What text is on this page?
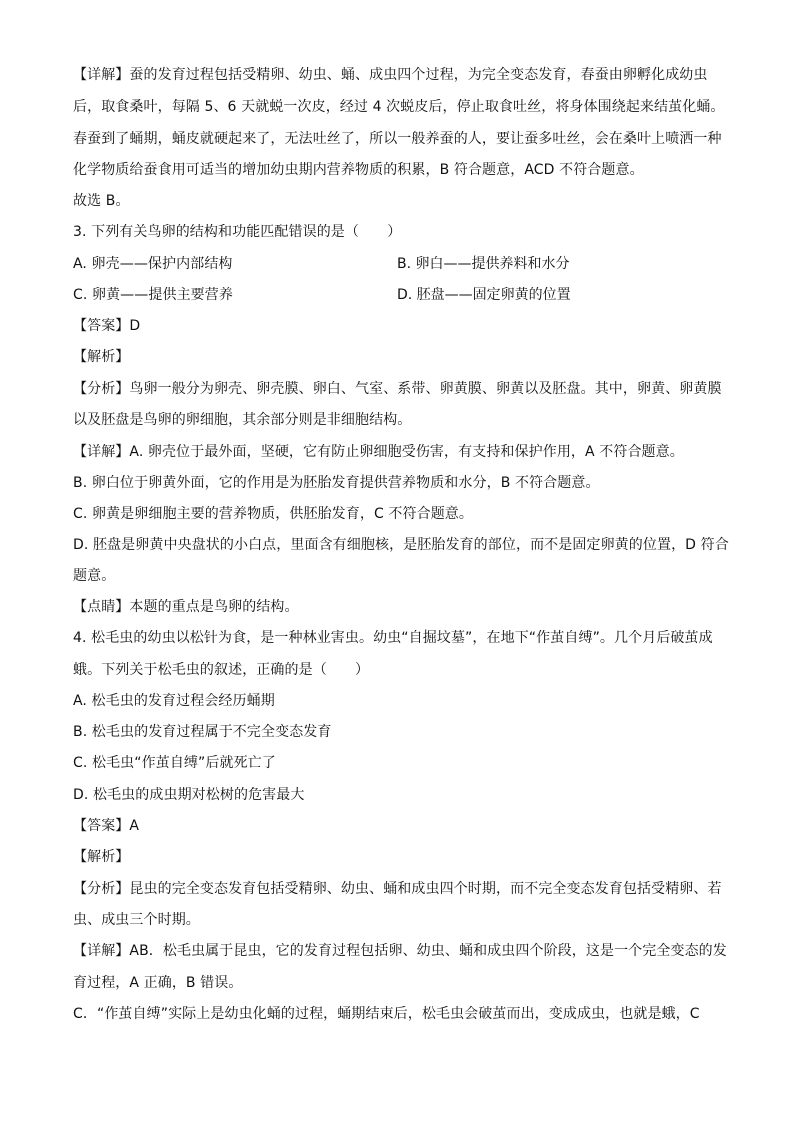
【详解】蚕的发育过程包括受精卵、幼虫、蛹、成虫四个过程，为完全变态发育，春蚕由卵孵化成幼虫
后，取食桑叶，每隔 5、6 天就蜕一次皮，经过 4 次蜕皮后，停止取食吐丝，将身体围绕起来结茧化蛹。
春蚕到了蛹期，蛹皮就硬起来了，无法吐丝了，所以一般养蚕的人，要让蚕多吐丝，会在桑叶上喷洒一种
化学物质给蚕食用可适当的增加幼虫期内营养物质的积累，B 符合题意，ACD 不符合题意。
故选 B。
3. 下列有关鸟卵的结构和功能匹配错误的是（　　）
A. 卵壳——保护内部结构	B. 卵白——提供养料和水分
C. 卵黄——提供主要营养	D. 胚盘——固定卵黄的位置
【答案】D
【解析】
【分析】鸟卵一般分为卵壳、卵壳膜、卵白、气室、系带、卵黄膜、卵黄以及胚盘。其中，卵黄、卵黄膜
以及胚盘是鸟卵的卵细胞，其余部分则是非细胞结构。
【详解】A. 卵壳位于最外面，坚硬，它有防止卵细胞受伤害，有支持和保护作用，A 不符合题意。
B. 卵白位于卵黄外面，它的作用是为胚胎发育提供营养物质和水分，B 不符合题意。
C. 卵黄是卵细胞主要的营养物质，供胚胎发育，C 不符合题意。
D. 胚盘是卵黄中央盘状的小白点，里面含有细胞核，是胚胎发育的部位，而不是固定卵黄的位置，D 符合
题意。
【点睛】本题的重点是鸟卵的结构。
4. 松毛虫的幼虫以松针为食，是一种林业害虫。幼虫“自掘坟墓”，在地下“作茧自缚”。几个月后破茧成
蛾。下列关于松毛虫的叙述，正确的是（　　）
A. 松毛虫的发育过程会经历蛹期
B. 松毛虫的发育过程属于不完全变态发育
C. 松毛虫“作茧自缚”后就死亡了
D. 松毛虫的成虫期对松树的危害最大
【答案】A
【解析】
【分析】昆虫的完全变态发育包括受精卵、幼虫、蛹和成虫四个时期，而不完全变态发育包括受精卵、若
虫、成虫三个时期。
【详解】AB．松毛虫属于昆虫，它的发育过程包括卵、幼虫、蛹和成虫四个阶段，这是一个完全变态的发
育过程，A 正确，B 错误。
C．“作茧自缚”实际上是幼虫化蛹的过程，蛹期结束后，松毛虫会破茧而出，变成成虫，也就是蛾，C
